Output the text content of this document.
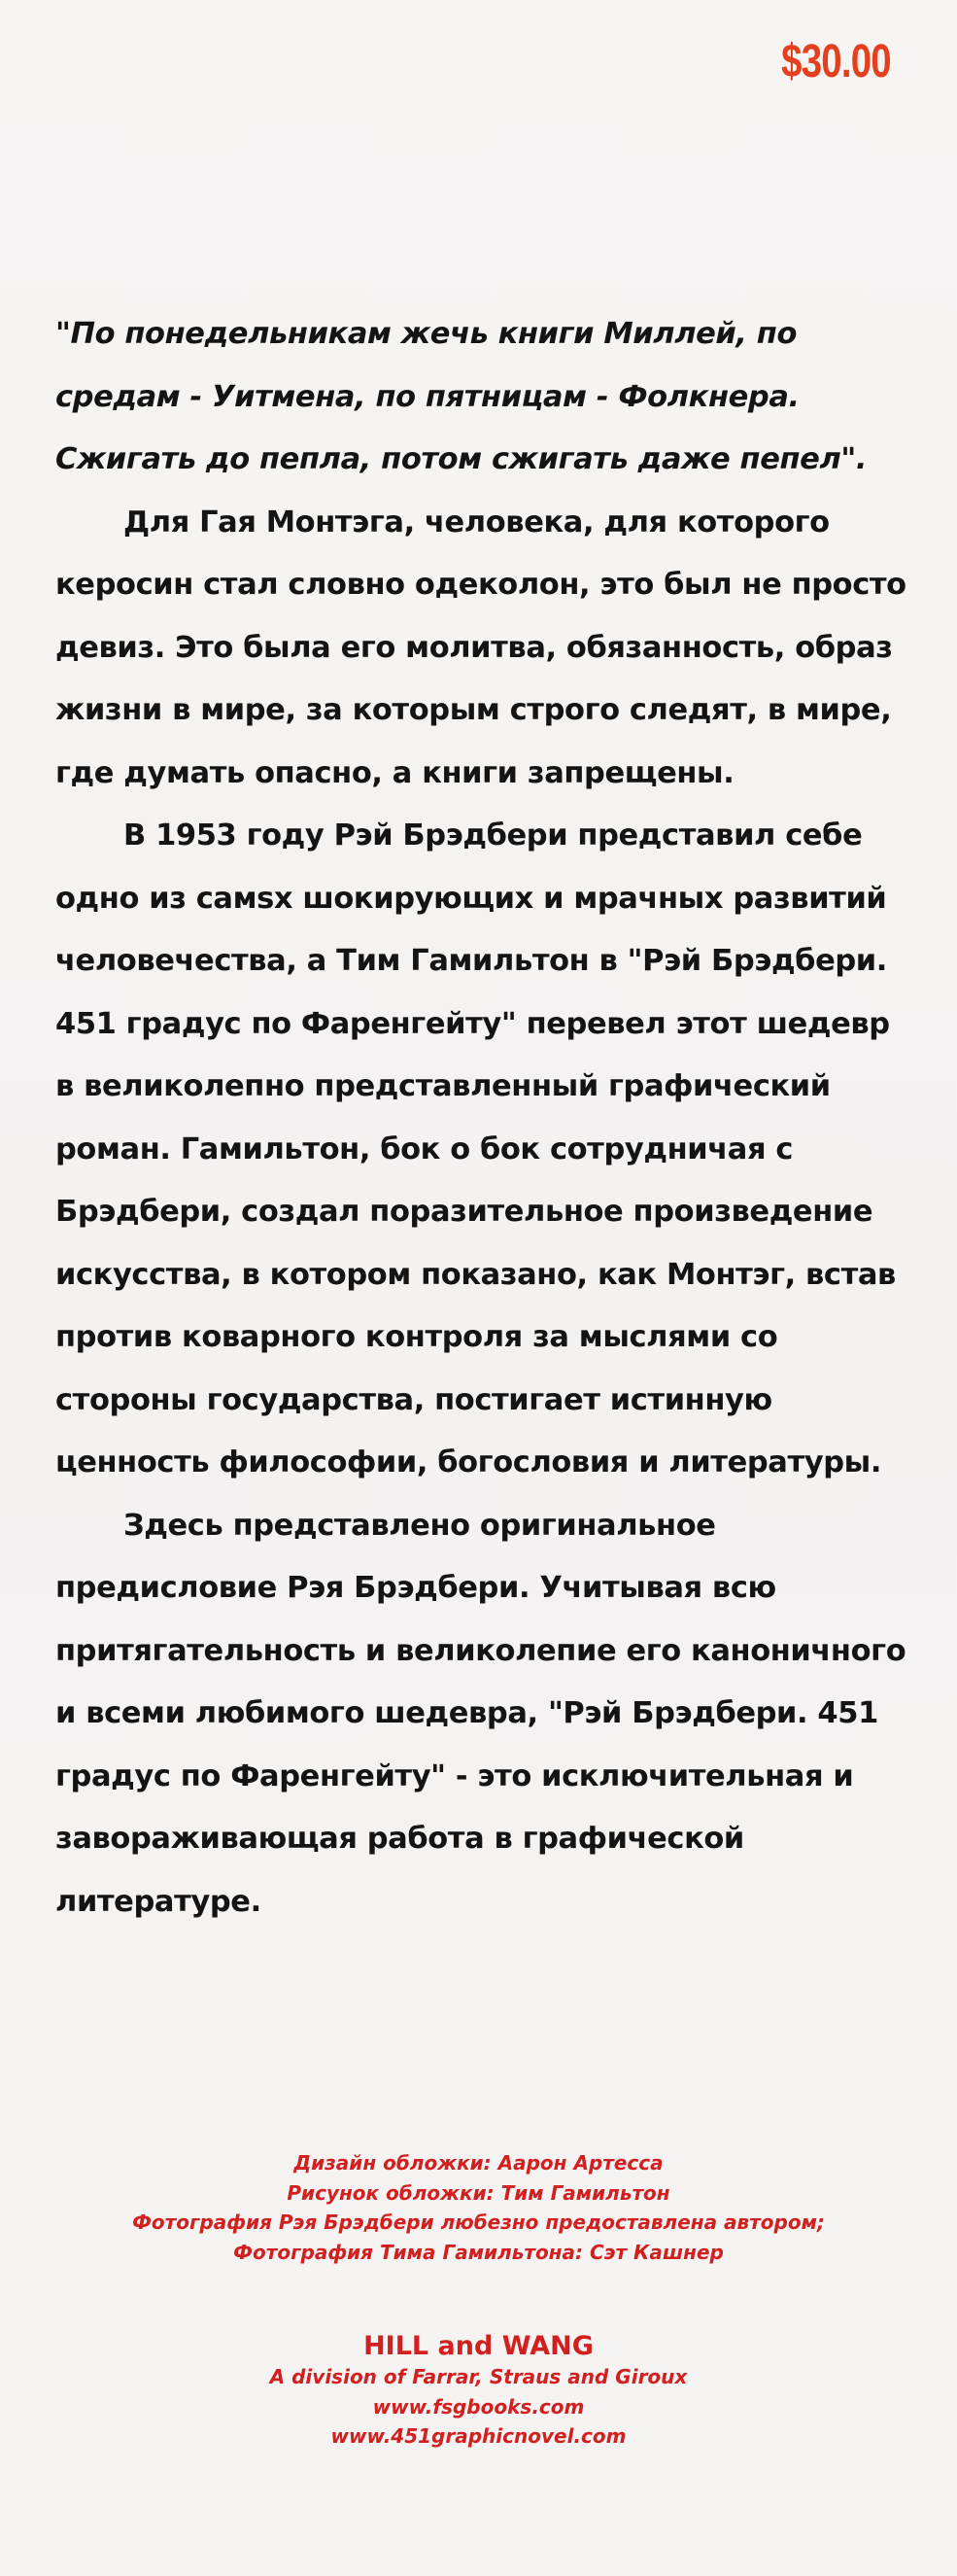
$30.00

"По понедельникам жечь книги Миллей, по средам - Уитмена, по пятницам - Фолкнера. Сжигать до пепла, потом сжигать даже пепел".

Для Гая Монтэга, человека, для которого керосин стал словно одеколон, это был не просто девиз. Это была его молитва, обязанность, образ жизни в мире, за которым строго следят, в мире, где думать опасно, а книги запрещены.

В 1953 году Рэй Брэдбери представил себе одно из самsх шокирующих и мрачных развитий человечества, а Тим Гамильтон в "Рэй Брэдбери. 451 градус по Фаренгейту" перевел этот шедевр в великолепно представленный графический роман. Гамильтон, бок о бок сотрудничая с Брэдбери, создал поразительное произведение искусства, в котором показано, как Монтэг, встав против коварного контроля за мыслями со стороны государства, постигает истинную ценность философии, богословия и литературы.

Здесь представлено оригинальное предисловие Рэя Брэдбери. Учитывая всю притягательность и великолепие его каноничного и всеми любимого шедевра, "Рэй Брэдбери. 451 градус по Фаренгейту" - это исключительная и завораживающая работа в графической литературе.

Дизайн обложки: Аарон Артесса
Рисунок обложки: Тим Гамильтон
Фотография Рэя Брэдбери любезно предоставлена автором;
Фотография Тима Гамильтона: Сэт Кашнер
HILL and WANG
A division of Farrar, Straus and Giroux
www.fsgbooks.com
www.451graphicnovel.com
